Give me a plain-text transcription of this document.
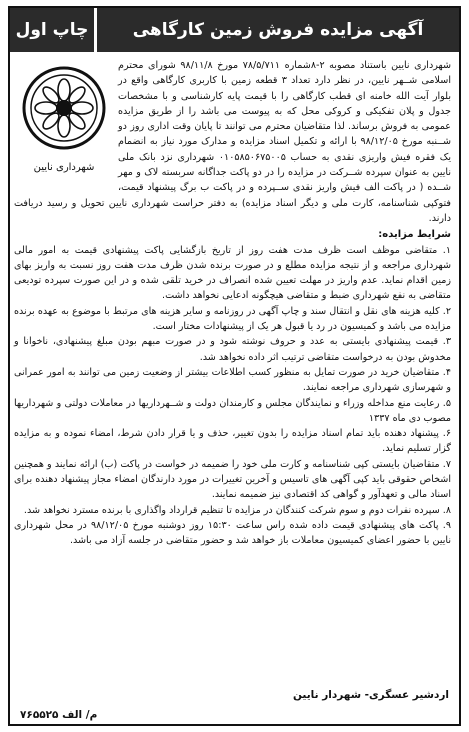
آگهی مزایده فروش زمین کارگاهی
چاپ اول
شهرداری نایین

شهرداری نایین باستناد مصوبه ۲-۸شماره ۷۸/۵/۷۱۱ مورخ ۹۸/۱۱/۸ شورای محترم اسلامی شــهر نایین، در نظر دارد تعداد ۳ قطعه زمین با کاربری کارگاهی واقع در بلوار آیت الله خامنه ای قطب کارگاهی را با قیمت پایه کارشناسی و با مشخصات جدول و پلان تفکیکی و کروکی محل که به پیوست می باشد را از طریق مزایده عمومی به فروش برساند. لذا متقاضیان محترم می توانند تا پایان وقت اداری روز دو شــنبه مورخ ۹۸/۱۲/۰۵ با ارائه و تکمیل اسناد مزایده و مدارک مورد نیاز به انضمام یک فقره فیش واریزی نقدی به حساب ۰۱۰۵۸۵۰۶۷۵۰۰۵ شهرداری نزد بانک ملی نایین به عنوان سپرده شــرکت در مزایده را در دو پاکت جداگانه سربسته لاک و مهر شــده ( در پاکت الف فیش واریز نقدی ســپرده و در پاکت ب برگ پیشنهاد قیمت، فتوکپی شناسنامه، کارت ملی و دیگر اسناد مزایده) به دفتر حراست شهرداری نایین تحویل و رسید دریافت دارند.

شرایط مزایده:

۱. متقاضی موظف است ظرف مدت هفت روز از تاریخ بازگشایی پاکت پیشنهادی قیمت به امور مالی شهرداری مراجعه و از نتیجه مزایده مطلع و در صورت برنده شدن ظرف مدت هفت روز نسبت به واریز بهای زمین اقدام نماید. عدم واریز در مهلت تعیین شده انصراف در خرید تلقی شده و در این صورت سپرده تودیعی متقاضی به نفع شهرداری ضبط و متقاضی هیچگونه ادعایی نخواهد داشت.

۲. کلیه هزینه های نقل و انتقال سند و چاپ آگهی در روزنامه و سایر هزینه های مرتبط با موضوع به عهده برنده مزایده می باشد و کمیسیون در رد یا قبول هر یک از پیشنهادات مختار است.

۳. قیمت پیشنهادی بایستی به عدد و حروف نوشته شود و در صورت مبهم بودن مبلغ پیشنهادی، ناخوانا و مخدوش بودن به درخواست متقاضی ترتیب اثر داده نخواهد شد.

۴. متقاضیان خرید در صورت تمایل به منظور کسب اطلاعات بیشتر از وضعیت زمین می توانند به امور عمرانی و شهرسازی شهرداری مراجعه نمایند.

۵. رعایت منع مداخله وزراء و نمایندگان مجلس و کارمندان دولت و شــهرداریها در معاملات دولتی و شهرداریها مصوب دی ماه ۱۳۳۷

۶. پیشنهاد دهنده باید تمام اسناد مزایده را بدون تغییر، حذف و یا قرار دادن شرط، امضاء نموده و به مزایده گزار تسلیم نماید.

۷. متقاضیان بایستی کپی شناسنامه و کارت ملی خود را ضمیمه در خواست در پاکت (ب) ارائه نمایند و همچنین اشخاص حقوقی باید کپی آگهی های تاسیس و آخرین تغییرات در مورد دارندگان امضاء مجاز پیشنهاد دهنده برای اسناد مالی و تعهدآور و گواهی کد اقتصادی نیز ضمیمه نمایند.

۸. سپرده نفرات دوم و سوم شرکت کنندگان در مزایده تا تنظیم قرارداد واگذاری با برنده مسترد نخواهد شد.

۹. پاکت های پیشنهادی قیمت داده شده راس ساعت ۱۵:۳۰ روز دوشنبه مورخ ۹۸/۱۲/۰۵ در محل شهرداری نایین با حضور اعضای کمیسیون معاملات باز خواهد شد و حضور متقاضی در جلسه آزاد می باشد.

اردشیر عسگری- شهردار نایین
۷۶۵۵۲۵ م/ الف
